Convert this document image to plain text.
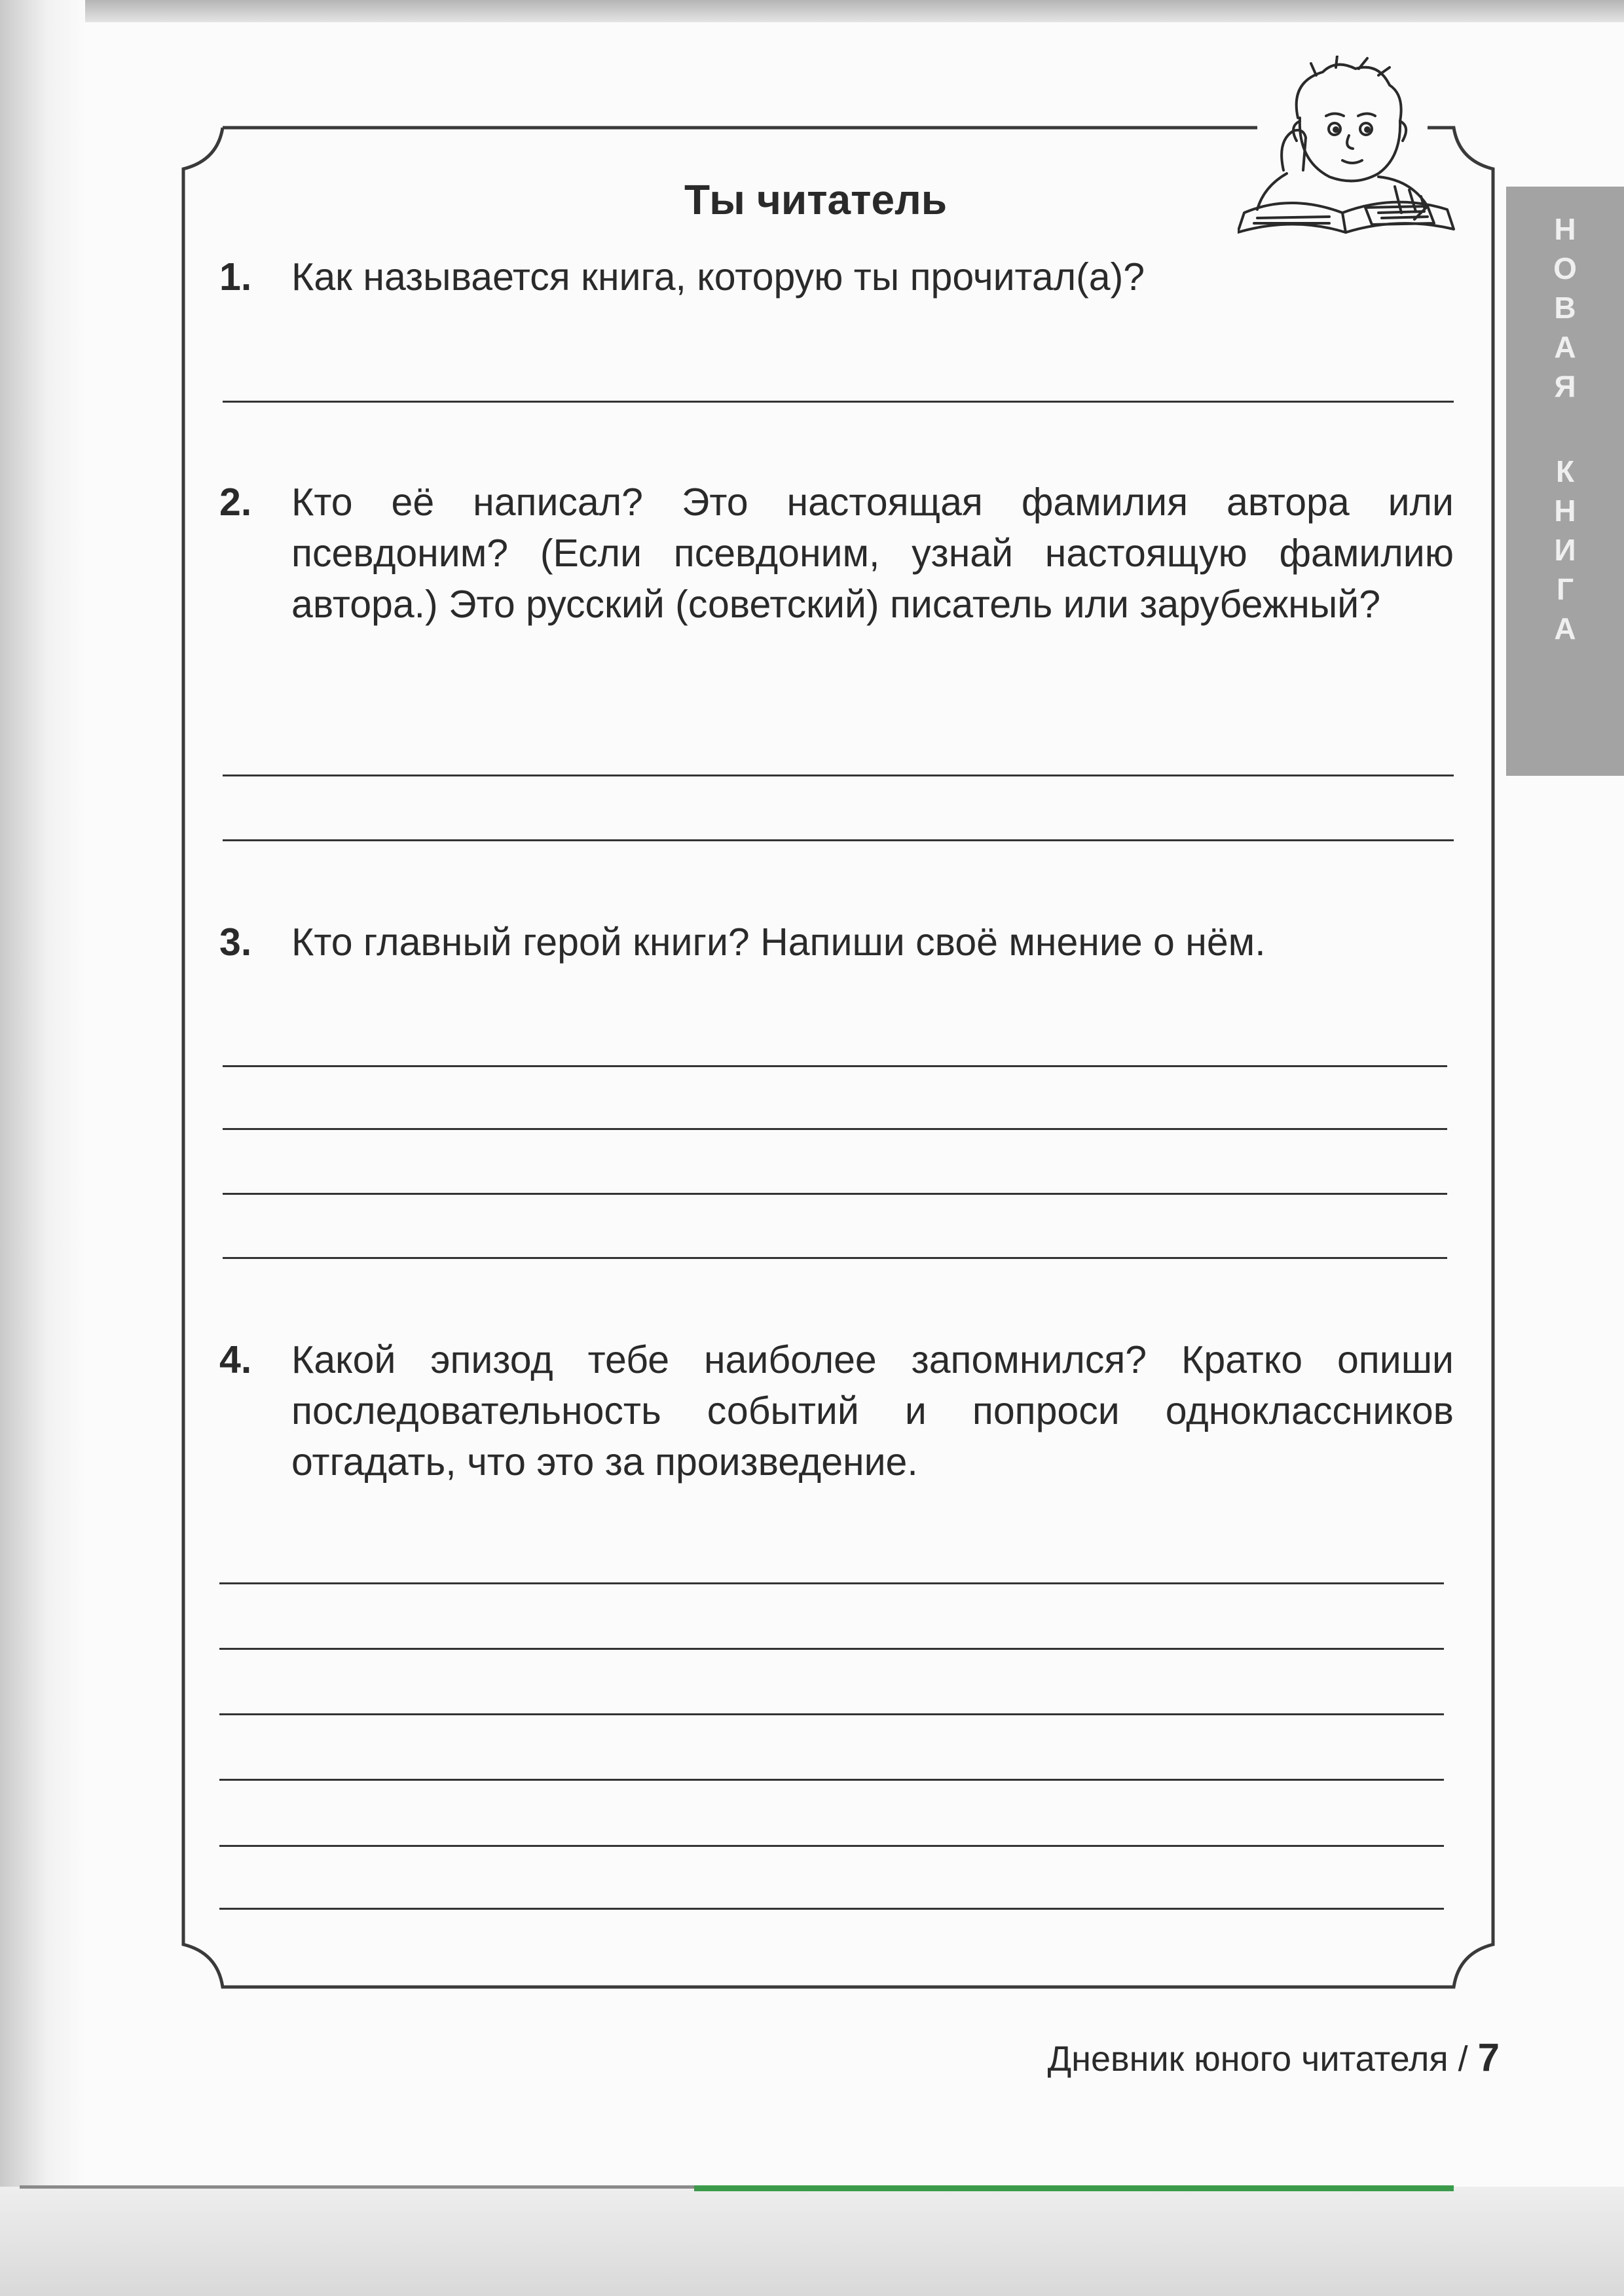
Н
О
В
А
Я
К
Н
И
Г
А
Ты читатель
1. Как называется книга, которую ты прочитал(а)?
2. Кто её написал? Это настоящая фамилия автора или псевдоним? (Если псевдоним, узнай настоящую фамилию автора.) Это русский (советский) писатель или зарубежный?
3. Кто главный герой книги? Напиши своё мнение о нём.
4. Какой эпизод тебе наиболее запомнился? Кратко опиши последовательность событий и попроси одноклассников отгадать, что это за произведение.
Дневник юного читателя / 7
